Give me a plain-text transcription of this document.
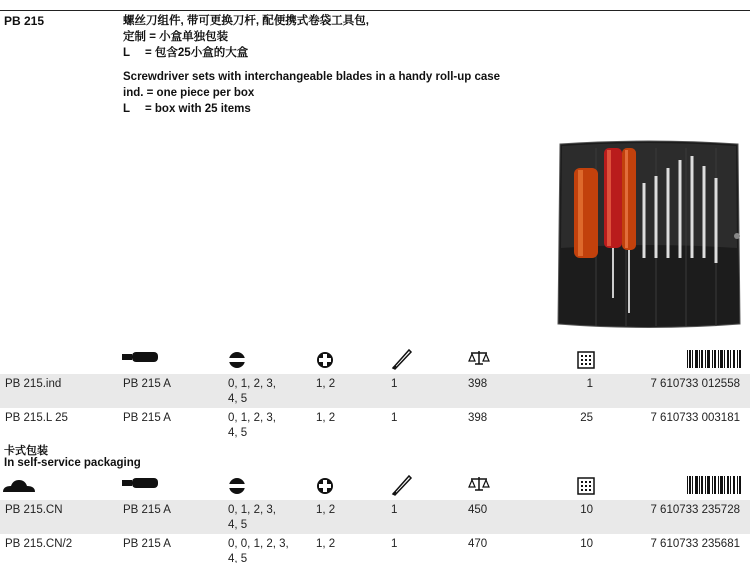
PB 215	螺丝刀组件, 带可更换刀杆, 配便携式卷袋工具包,
定制 = 小盒单独包装
L = 包含25小盒的大盒
Screwdriver sets with interchangeable blades in a handy roll-up case
ind. = one piece per box
L = box with 25 items
PB 215.ind	PB 215 A	0, 1, 2, 3,
4, 5
1, 2	1	398	1	7 610733 012558
PB 215.L 25	PB 215 A	0, 1, 2, 3,
4, 5
1, 2	1	398	25	7 610733 003181
卡式包装
In self-service packaging
PB 215.CN	PB 215 A	0, 1, 2, 3,
4, 5
1, 2	1	450	10	7 610733 235728
PB 215.CN/2	PB 215 A	0, 0, 1, 2, 3,
4, 5
1, 2	1	470	10	7 610733 235681
